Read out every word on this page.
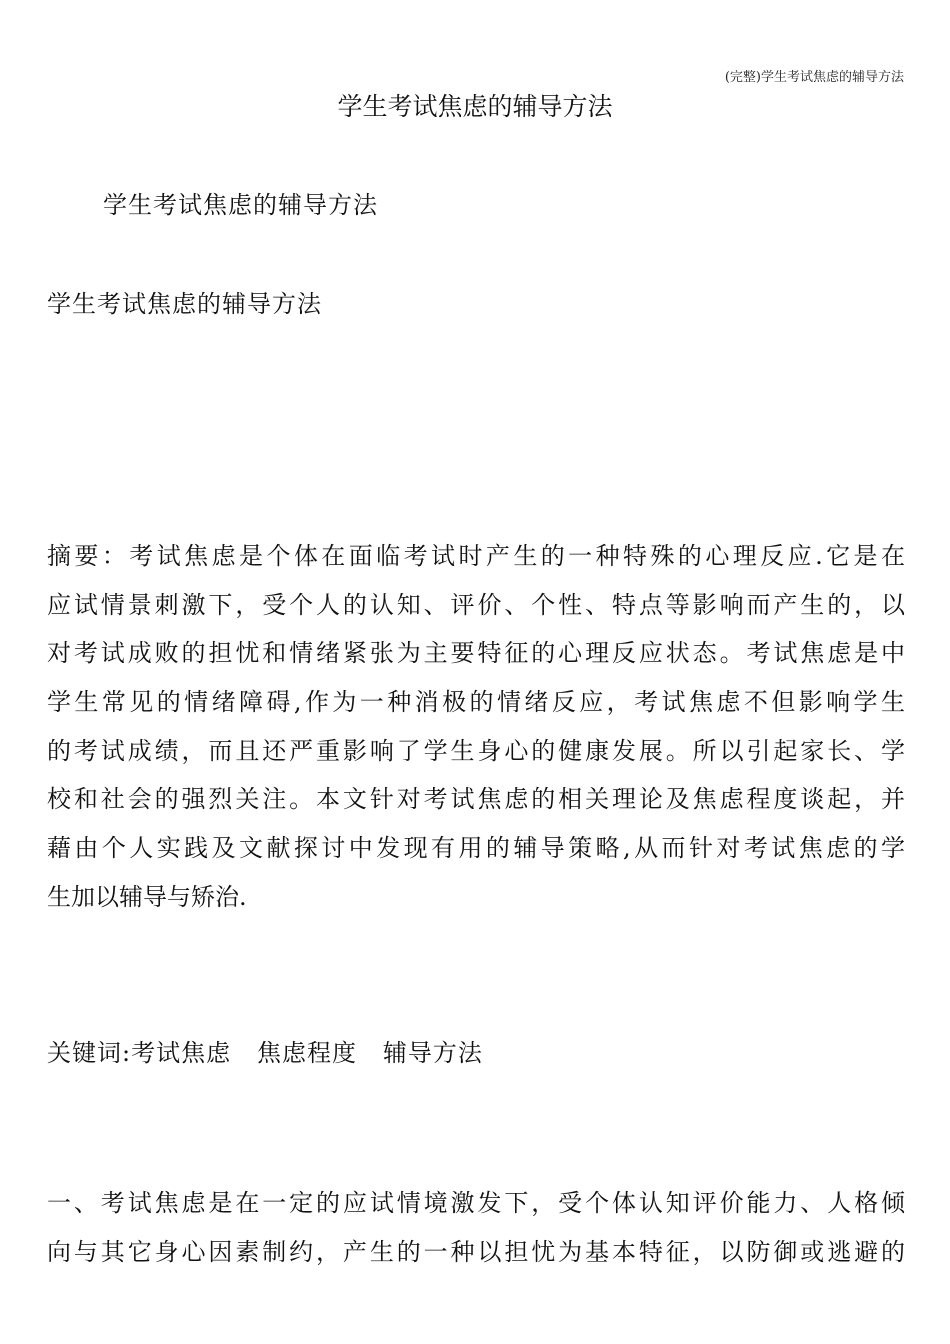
(完整)学生考试焦虑的辅导方法
学生考试焦虑的辅导方法
学生考试焦虑的辅导方法
学生考试焦虑的辅导方法
摘要：考试焦虑是个体在面临考试时产生的一种特殊的心理反应.它是在
应试情景刺激下，受个人的认知、评价、个性、特点等影响而产生的，以
对考试成败的担忧和情绪紧张为主要特征的心理反应状态。考试焦虑是中
学生常见的情绪障碍,作为一种消极的情绪反应，考试焦虑不但影响学生
的考试成绩，而且还严重影响了学生身心的健康发展。所以引起家长、学
校和社会的强烈关注。本文针对考试焦虑的相关理论及焦虑程度谈起，并
藉由个人实践及文献探讨中发现有用的辅导策略,从而针对考试焦虑的学
生加以辅导与矫治.
关键词:考试焦虑   焦虑程度   辅导方法
一、考试焦虑是在一定的应试情境激发下，受个体认知评价能力、人格倾
向与其它身心因素制约，产生的一种以担忧为基本特征，以防御或逃避的
